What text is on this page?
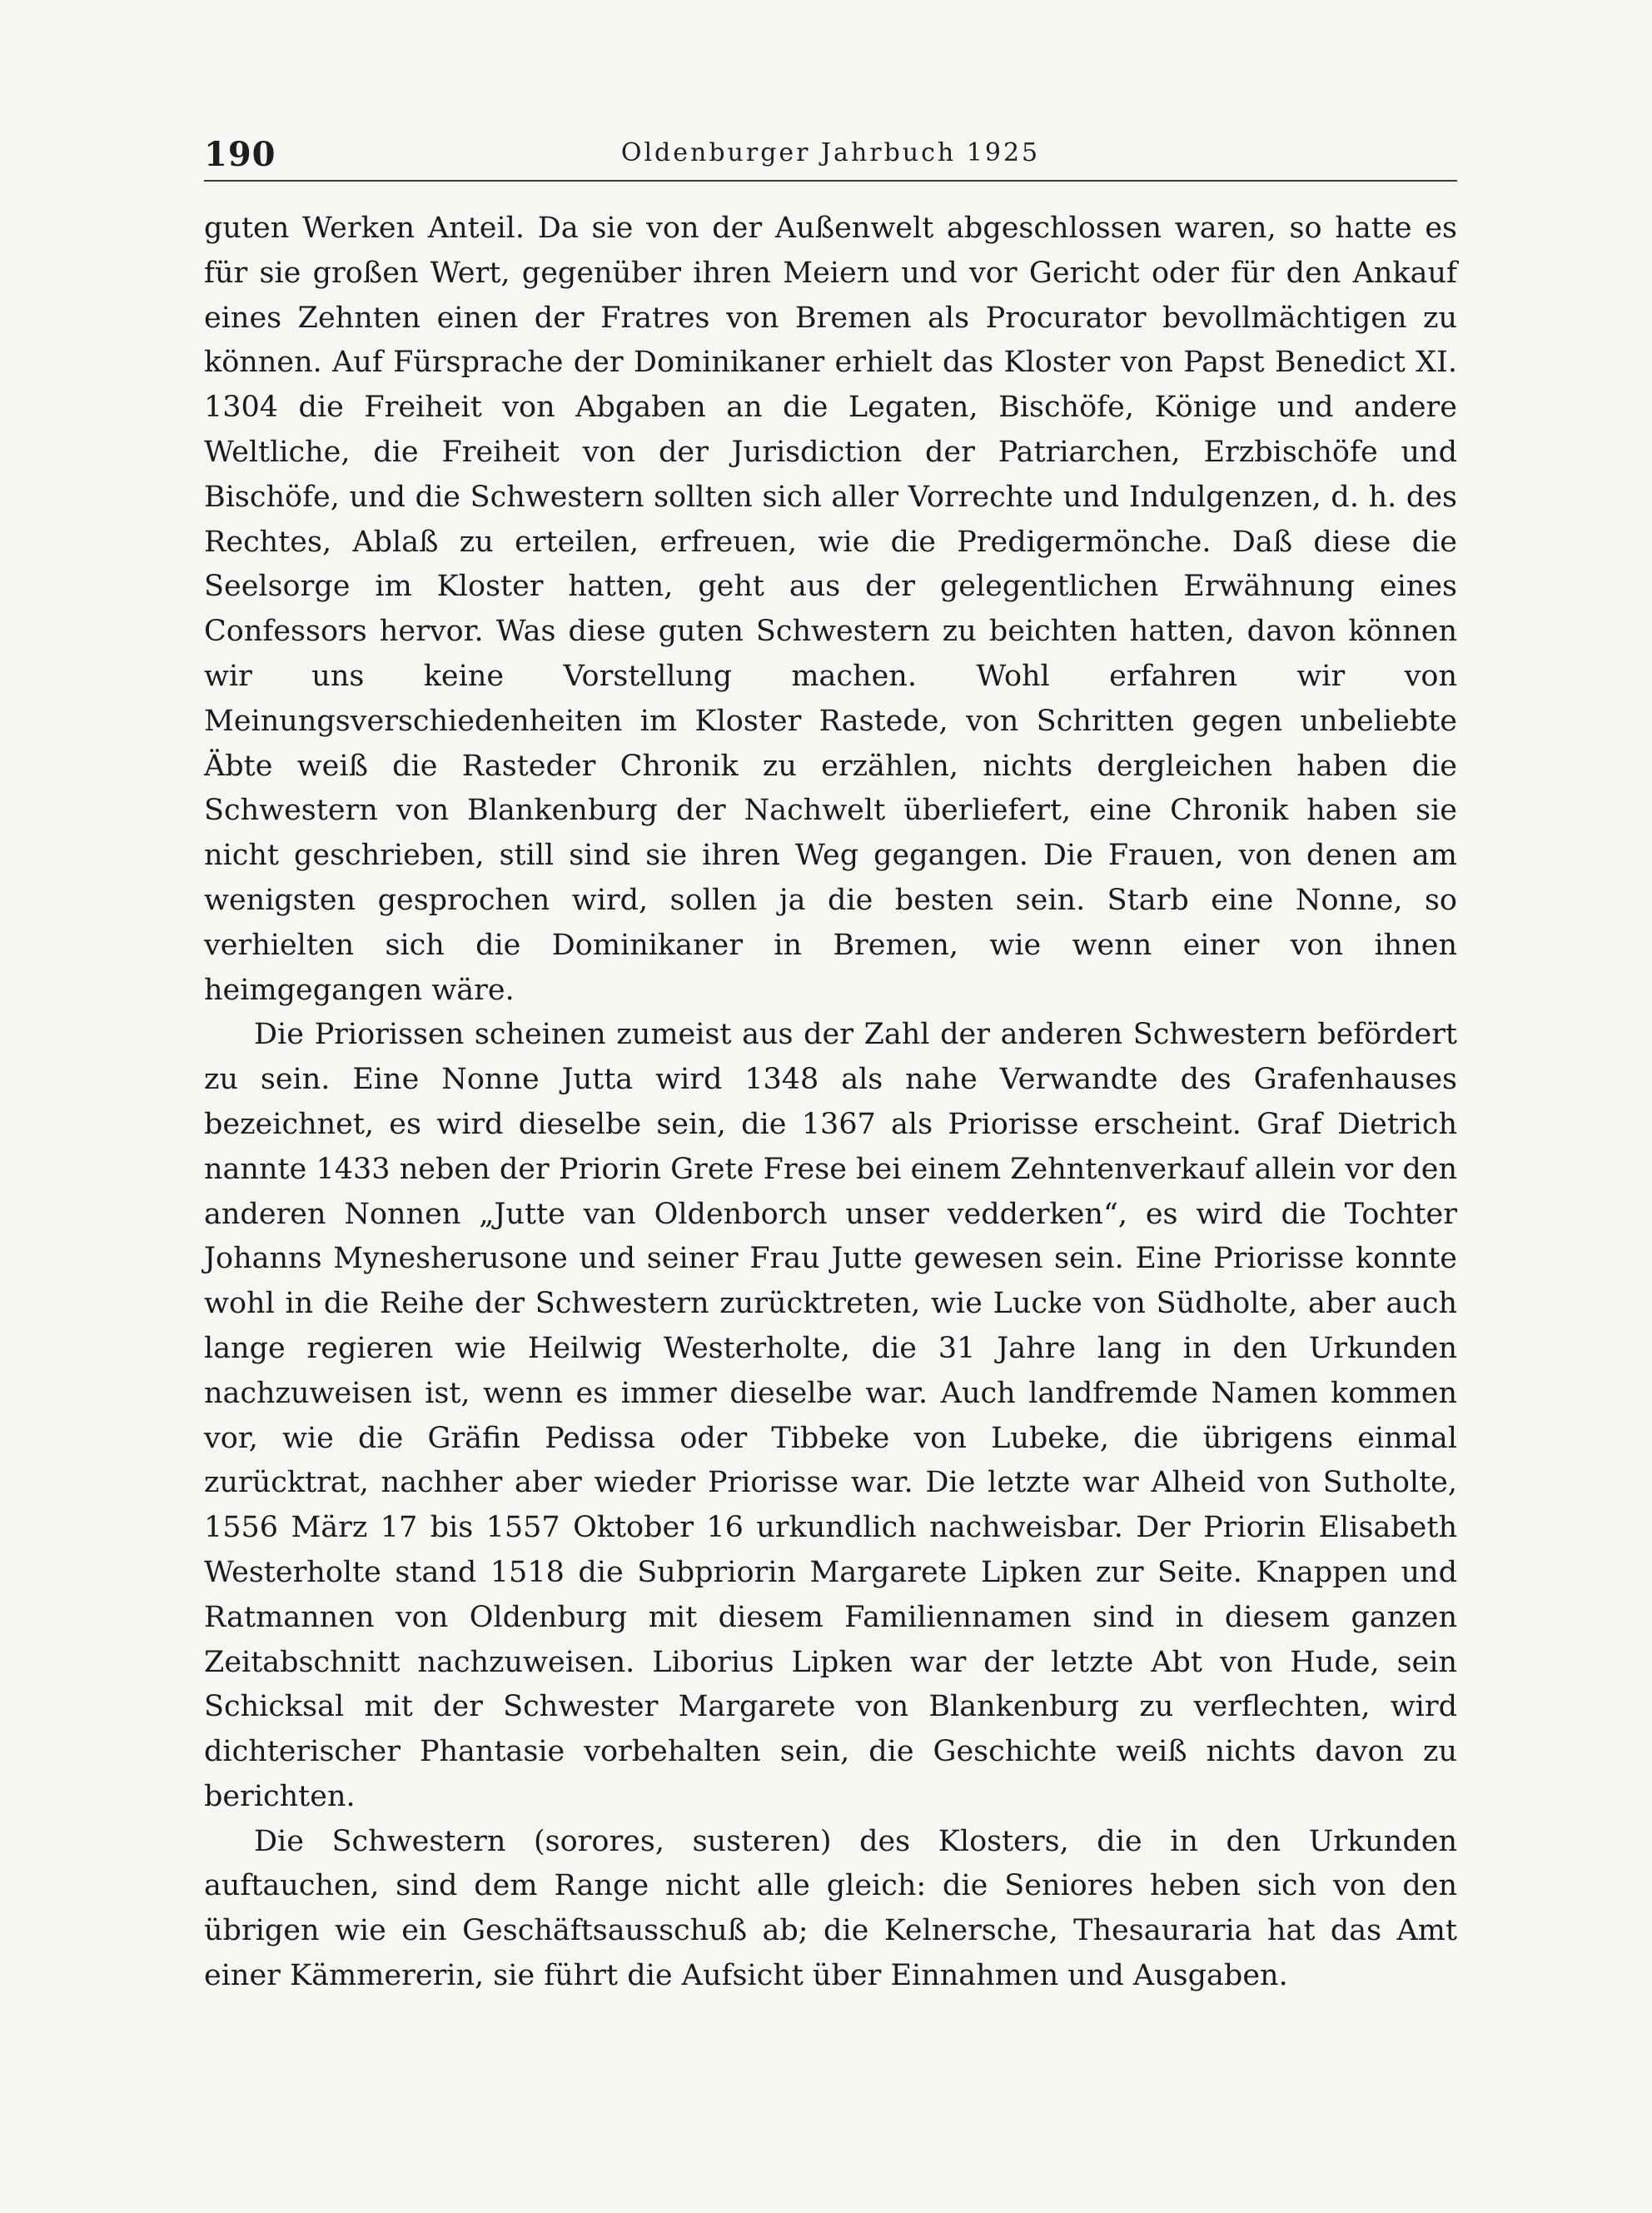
190	Oldenburger Jahrbuch 1925

guten Werken Anteil. Da sie von der Außenwelt abgeschlossen waren, so hatte es für sie großen Wert, gegenüber ihren Meiern und vor Gericht oder für den Ankauf eines Zehnten einen der Fratres von Bremen als Procurator bevollmächtigen zu können. Auf Fürsprache der Dominikaner erhielt das Kloster von Papst Benedict XI. 1304 die Freiheit von Abgaben an die Legaten, Bischöfe, Könige und andere Weltliche, die Freiheit von der Jurisdiction der Patriarchen, Erzbischöfe und Bischöfe, und die Schwestern sollten sich aller Vorrechte und Indulgenzen, d. h. des Rechtes, Ablaß zu erteilen, erfreuen, wie die Predigermönche. Daß diese die Seelsorge im Kloster hatten, geht aus der gelegentlichen Erwähnung eines Confessors hervor. Was diese guten Schwestern zu beichten hatten, davon können wir uns keine Vorstellung machen. Wohl erfahren wir von Meinungsverschiedenheiten im Kloster Rastede, von Schritten gegen unbeliebte Äbte weiß die Rasteder Chronik zu erzählen, nichts dergleichen haben die Schwestern von Blankenburg der Nachwelt überliefert, eine Chronik haben sie nicht geschrieben, still sind sie ihren Weg gegangen. Die Frauen, von denen am wenigsten gesprochen wird, sollen ja die besten sein. Starb eine Nonne, so verhielten sich die Dominikaner in Bremen, wie wenn einer von ihnen heimgegangen wäre.

Die Priorissen scheinen zumeist aus der Zahl der anderen Schwestern befördert zu sein. Eine Nonne Jutta wird 1348 als nahe Verwandte des Grafenhauses bezeichnet, es wird dieselbe sein, die 1367 als Priorisse erscheint. Graf Dietrich nannte 1433 neben der Priorin Grete Frese bei einem Zehntenverkauf allein vor den anderen Nonnen „Jutte van Oldenborch unser vedderken“, es wird die Tochter Johanns Mynesherusone und seiner Frau Jutte gewesen sein. Eine Priorisse konnte wohl in die Reihe der Schwestern zurücktreten, wie Lucke von Südholte, aber auch lange regieren wie Heilwig Westerholte, die 31 Jahre lang in den Urkunden nachzuweisen ist, wenn es immer dieselbe war. Auch landfremde Namen kommen vor, wie die Gräfin Pedissa oder Tibbeke von Lubeke, die übrigens einmal zurücktrat, nachher aber wieder Priorisse war. Die letzte war Alheid von Sutholte, 1556 März 17 bis 1557 Oktober 16 urkundlich nachweisbar. Der Priorin Elisabeth Westerholte stand 1518 die Subpriorin Margarete Lipken zur Seite. Knappen und Ratmannen von Oldenburg mit diesem Familiennamen sind in diesem ganzen Zeitabschnitt nachzuweisen. Liborius Lipken war der letzte Abt von Hude, sein Schicksal mit der Schwester Margarete von Blankenburg zu verflechten, wird dichterischer Phantasie vorbehalten sein, die Geschichte weiß nichts davon zu berichten.

Die Schwestern (sorores, susteren) des Klosters, die in den Urkunden auftauchen, sind dem Range nicht alle gleich: die Seniores heben sich von den übrigen wie ein Geschäftsausschuß ab; die Kelnersche, Thesauraria hat das Amt einer Kämmererin, sie führt die Aufsicht über Einnahmen und Ausgaben.
